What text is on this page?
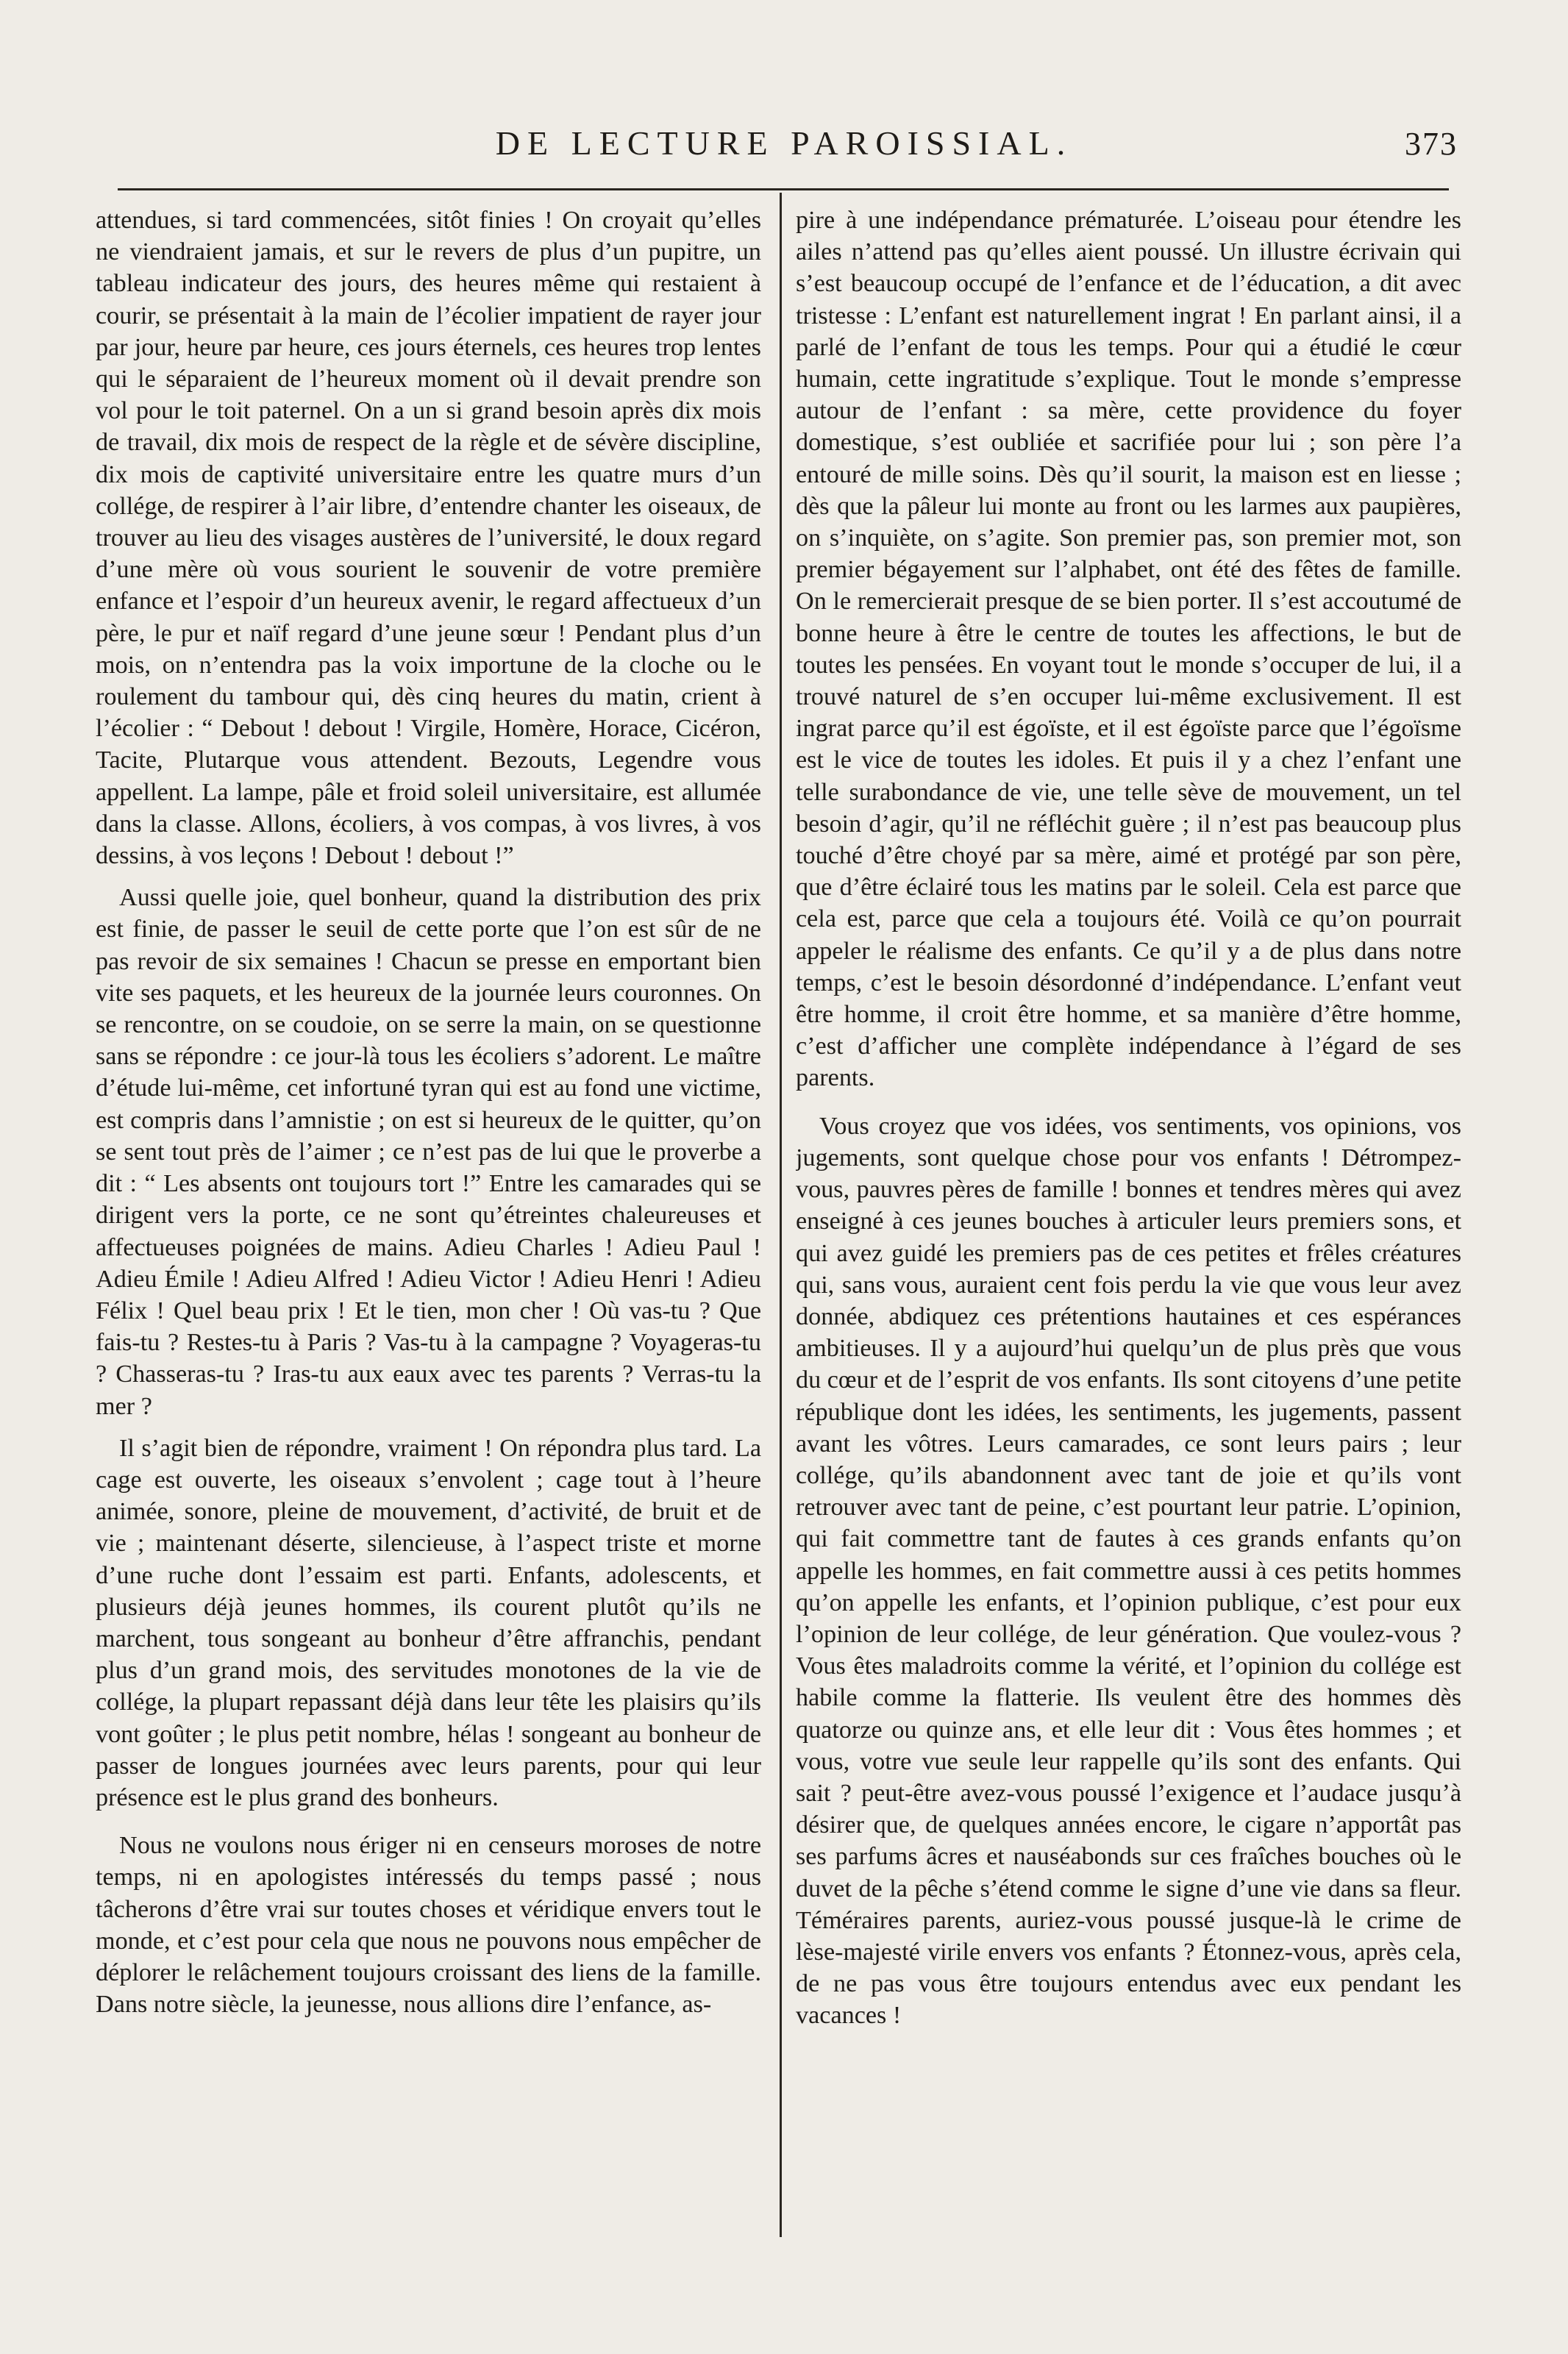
DE LECTURE PAROISSIAL.	373

attendues, si tard commencées, sitôt finies ! On croyait qu’elles ne viendraient jamais, et sur le revers de plus d’un pupitre, un tableau indicateur des jours, des heures même qui restaient à courir, se présentait à la main de l’écolier impatient de rayer jour par jour, heure par heure, ces jours éternels, ces heures trop lentes qui le séparaient de l’heureux moment où il devait prendre son vol pour le toit paternel. On a un si grand besoin après dix mois de travail, dix mois de respect de la règle et de sévère discipline, dix mois de captivité universitaire entre les quatre murs d’un collége, de respirer à l’air libre, d’entendre chanter les oiseaux, de trouver au lieu des visages austères de l’université, le doux regard d’une mère où vous sourient le souvenir de votre première enfance et l’espoir d’un heureux avenir, le regard affectueux d’un père, le pur et naïf regard d’une jeune sœur ! Pendant plus d’un mois, on n’entendra pas la voix importune de la cloche ou le roulement du tambour qui, dès cinq heures du matin, crient à l’écolier : “ Debout ! debout ! Virgile, Homère, Horace, Cicéron, Tacite, Plutarque vous attendent. Bezouts, Legendre vous appellent. La lampe, pâle et froid soleil universitaire, est allumée dans la classe. Allons, écoliers, à vos compas, à vos livres, à vos dessins, à vos leçons ! Debout ! debout !”

Aussi quelle joie, quel bonheur, quand la distribution des prix est finie, de passer le seuil de cette porte que l’on est sûr de ne pas revoir de six semaines ! Chacun se presse en emportant bien vite ses paquets, et les heureux de la journée leurs couronnes. On se rencontre, on se coudoie, on se serre la main, on se questionne sans se répondre : ce jour-là tous les écoliers s’adorent. Le maître d’étude lui-même, cet infortuné tyran qui est au fond une victime, est compris dans l’amnistie ; on est si heureux de le quitter, qu’on se sent tout près de l’aimer ; ce n’est pas de lui que le proverbe a dit : “ Les absents ont toujours tort !” Entre les camarades qui se dirigent vers la porte, ce ne sont qu’étreintes chaleureuses et affectueuses poignées de mains. Adieu Charles ! Adieu Paul ! Adieu Émile ! Adieu Alfred ! Adieu Victor ! Adieu Henri ! Adieu Félix ! Quel beau prix ! Et le tien, mon cher ! Où vas-tu ? Que fais-tu ? Restes-tu à Paris ? Vas-tu à la campagne ? Voyageras-tu ? Chasseras-tu ? Iras-tu aux eaux avec tes parents ? Verras-tu la mer ?

Il s’agit bien de répondre, vraiment ! On répondra plus tard. La cage est ouverte, les oiseaux s’envolent ; cage tout à l’heure animée, sonore, pleine de mouvement, d’activité, de bruit et de vie ; maintenant déserte, silencieuse, à l’aspect triste et morne d’une ruche dont l’essaim est parti. Enfants, adolescents, et plusieurs déjà jeunes hommes, ils courent plutôt qu’ils ne marchent, tous songeant au bonheur d’être affranchis, pendant plus d’un grand mois, des servitudes monotones de la vie de collége, la plupart repassant déjà dans leur tête les plaisirs qu’ils vont goûter ; le plus petit nombre, hélas ! songeant au bonheur de passer de longues journées avec leurs parents, pour qui leur présence est le plus grand des bonheurs.

Nous ne voulons nous ériger ni en censeurs moroses de notre temps, ni en apologistes intéressés du temps passé ; nous tâcherons d’être vrai sur toutes choses et véridique envers tout le monde, et c’est pour cela que nous ne pouvons nous empêcher de déplorer le relâchement toujours croissant des liens de la famille. Dans notre siècle, la jeunesse, nous allions dire l’enfance, as-

pire à une indépendance prématurée. L’oiseau pour étendre les ailes n’attend pas qu’elles aient poussé. Un illustre écrivain qui s’est beaucoup occupé de l’enfance et de l’éducation, a dit avec tristesse : L’enfant est naturellement ingrat ! En parlant ainsi, il a parlé de l’enfant de tous les temps. Pour qui a étudié le cœur humain, cette ingratitude s’explique. Tout le monde s’empresse autour de l’enfant : sa mère, cette providence du foyer domestique, s’est oubliée et sacrifiée pour lui ; son père l’a entouré de mille soins. Dès qu’il sourit, la maison est en liesse ; dès que la pâleur lui monte au front ou les larmes aux paupières, on s’inquiète, on s’agite. Son premier pas, son premier mot, son premier bégayement sur l’alphabet, ont été des fêtes de famille. On le remercierait presque de se bien porter. Il s’est accoutumé de bonne heure à être le centre de toutes les affections, le but de toutes les pensées. En voyant tout le monde s’occuper de lui, il a trouvé naturel de s’en occuper lui-même exclusivement. Il est ingrat parce qu’il est égoïste, et il est égoïste parce que l’égoïsme est le vice de toutes les idoles. Et puis il y a chez l’enfant une telle surabondance de vie, une telle sève de mouvement, un tel besoin d’agir, qu’il ne réfléchit guère ; il n’est pas beaucoup plus touché d’être choyé par sa mère, aimé et protégé par son père, que d’être éclairé tous les matins par le soleil. Cela est parce que cela est, parce que cela a toujours été. Voilà ce qu’on pourrait appeler le réalisme des enfants. Ce qu’il y a de plus dans notre temps, c’est le besoin désordonné d’indépendance. L’enfant veut être homme, il croit être homme, et sa manière d’être homme, c’est d’afficher une complète indépendance à l’égard de ses parents.

Vous croyez que vos idées, vos sentiments, vos opinions, vos jugements, sont quelque chose pour vos enfants ! Détrompez-vous, pauvres pères de famille ! bonnes et tendres mères qui avez enseigné à ces jeunes bouches à articuler leurs premiers sons, et qui avez guidé les premiers pas de ces petites et frêles créatures qui, sans vous, auraient cent fois perdu la vie que vous leur avez donnée, abdiquez ces prétentions hautaines et ces espérances ambitieuses. Il y a aujourd’hui quelqu’un de plus près que vous du cœur et de l’esprit de vos enfants. Ils sont citoyens d’une petite république dont les idées, les sentiments, les jugements, passent avant les vôtres. Leurs camarades, ce sont leurs pairs ; leur collége, qu’ils abandonnent avec tant de joie et qu’ils vont retrouver avec tant de peine, c’est pourtant leur patrie. L’opinion, qui fait commettre tant de fautes à ces grands enfants qu’on appelle les hommes, en fait commettre aussi à ces petits hommes qu’on appelle les enfants, et l’opinion publique, c’est pour eux l’opinion de leur collége, de leur génération. Que voulez-vous ? Vous êtes maladroits comme la vérité, et l’opinion du collége est habile comme la flatterie. Ils veulent être des hommes dès quatorze ou quinze ans, et elle leur dit : Vous êtes hommes ; et vous, votre vue seule leur rappelle qu’ils sont des enfants. Qui sait ? peut-être avez-vous poussé l’exigence et l’audace jusqu’à désirer que, de quelques années encore, le cigare n’apportât pas ses parfums âcres et nauséabonds sur ces fraîches bouches où le duvet de la pêche s’étend comme le signe d’une vie dans sa fleur. Téméraires parents, auriez-vous poussé jusque-là le crime de lèse-majesté virile envers vos enfants ? Étonnez-vous, après cela, de ne pas vous être toujours entendus avec eux pendant les vacances !
